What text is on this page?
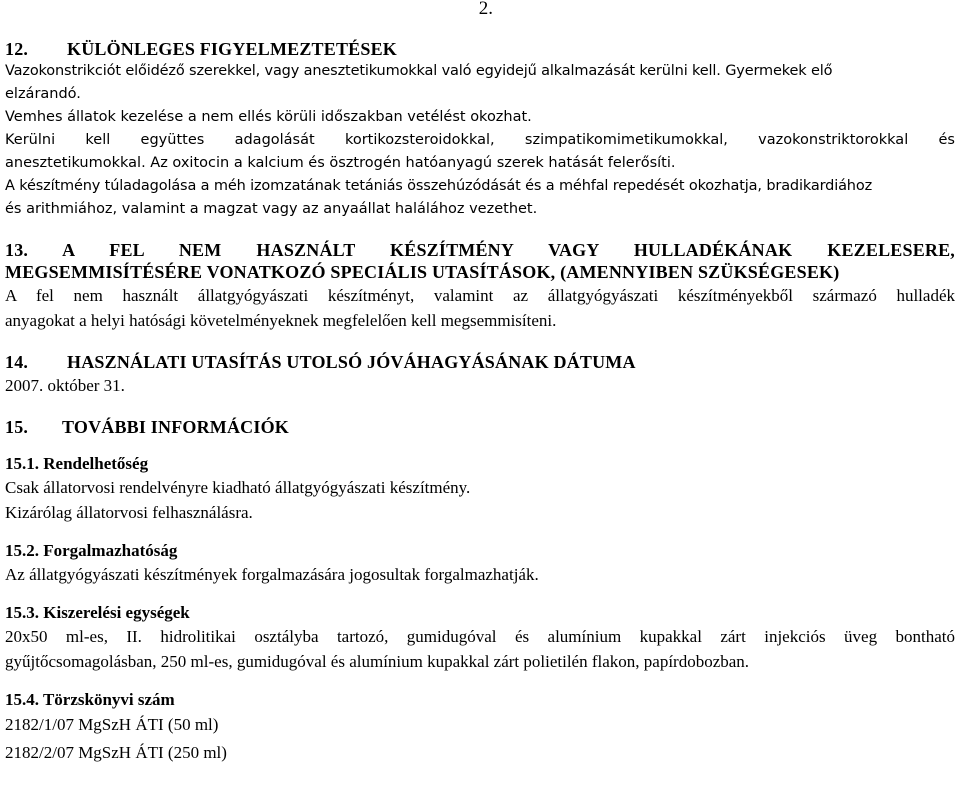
2.
12. KÜLÖNLEGES FIGYELMEZTETÉSEK
Vazokonstrikciót előidéző szerekkel, vagy anesztetikumokkal való egyidejű alkalmazását kerülni kell. Gyermekek elő
elzárandó.
Vemhes állatok kezelése a nem ellés körüli időszakban vetélést okozhat.
Kerülni kell együttes adagolását kortikozsteroidokkal, szimpatikomimetikumokkal, vazokonstriktorokkal és
anesztetikumokkal. Az oxitocin a kalcium és ösztrogén hatóanyagú szerek hatását felerősíti.
A készítmény túladagolása a méh izomzatának tetániás összehúzódását és a méhfal repedését okozhatja, bradikardiához
és arithmiához, valamint a magzat vagy az anyaállat halálához vezethet.
13. A FEL NEM HASZNÁLT KÉSZÍTMÉNY VAGY HULLADÉKÁNAK KEZELESERE,
MEGSEMMISÍTÉSÉRE VONATKOZÓ SPECIÁLIS UTASÍTÁSOK, (AMENNYIBEN SZÜKSÉGESEK)
A fel nem használt állatgyógyászati készítményt, valamint az állatgyógyászati készítményekből származó hulladék
anyagokat a helyi hatósági követelményeknek megfelelően kell megsemmisíteni.
14. HASZNÁLATI UTASÍTÁS UTOLSÓ JÓVÁHAGYÁSÁNAK DÁTUMA
2007. október 31.
15. TOVÁBBI INFORMÁCIÓK
15.1. Rendelhetőség
Csak állatorvosi rendelvényre kiadható állatgyógyászati készítmény.
Kizárólag állatorvosi felhasználásra.
15.2. Forgalmazhatóság
Az állatgyógyászati készítmények forgalmazására jogosultak forgalmazhatják.
15.3. Kiszerelési egységek
20x50 ml-es, II. hidrolitikai osztályba tartozó, gumidugóval és alumínium kupakkal zárt injekciós üveg bontható
gyűjtőcsomagolásban, 250 ml-es, gumidugóval és alumínium kupakkal zárt polietilén flakon, papírdobozban.
15.4. Törzskönyvi szám
2182/1/07 MgSzH ÁTI (50 ml)
2182/2/07 MgSzH ÁTI (250 ml)
